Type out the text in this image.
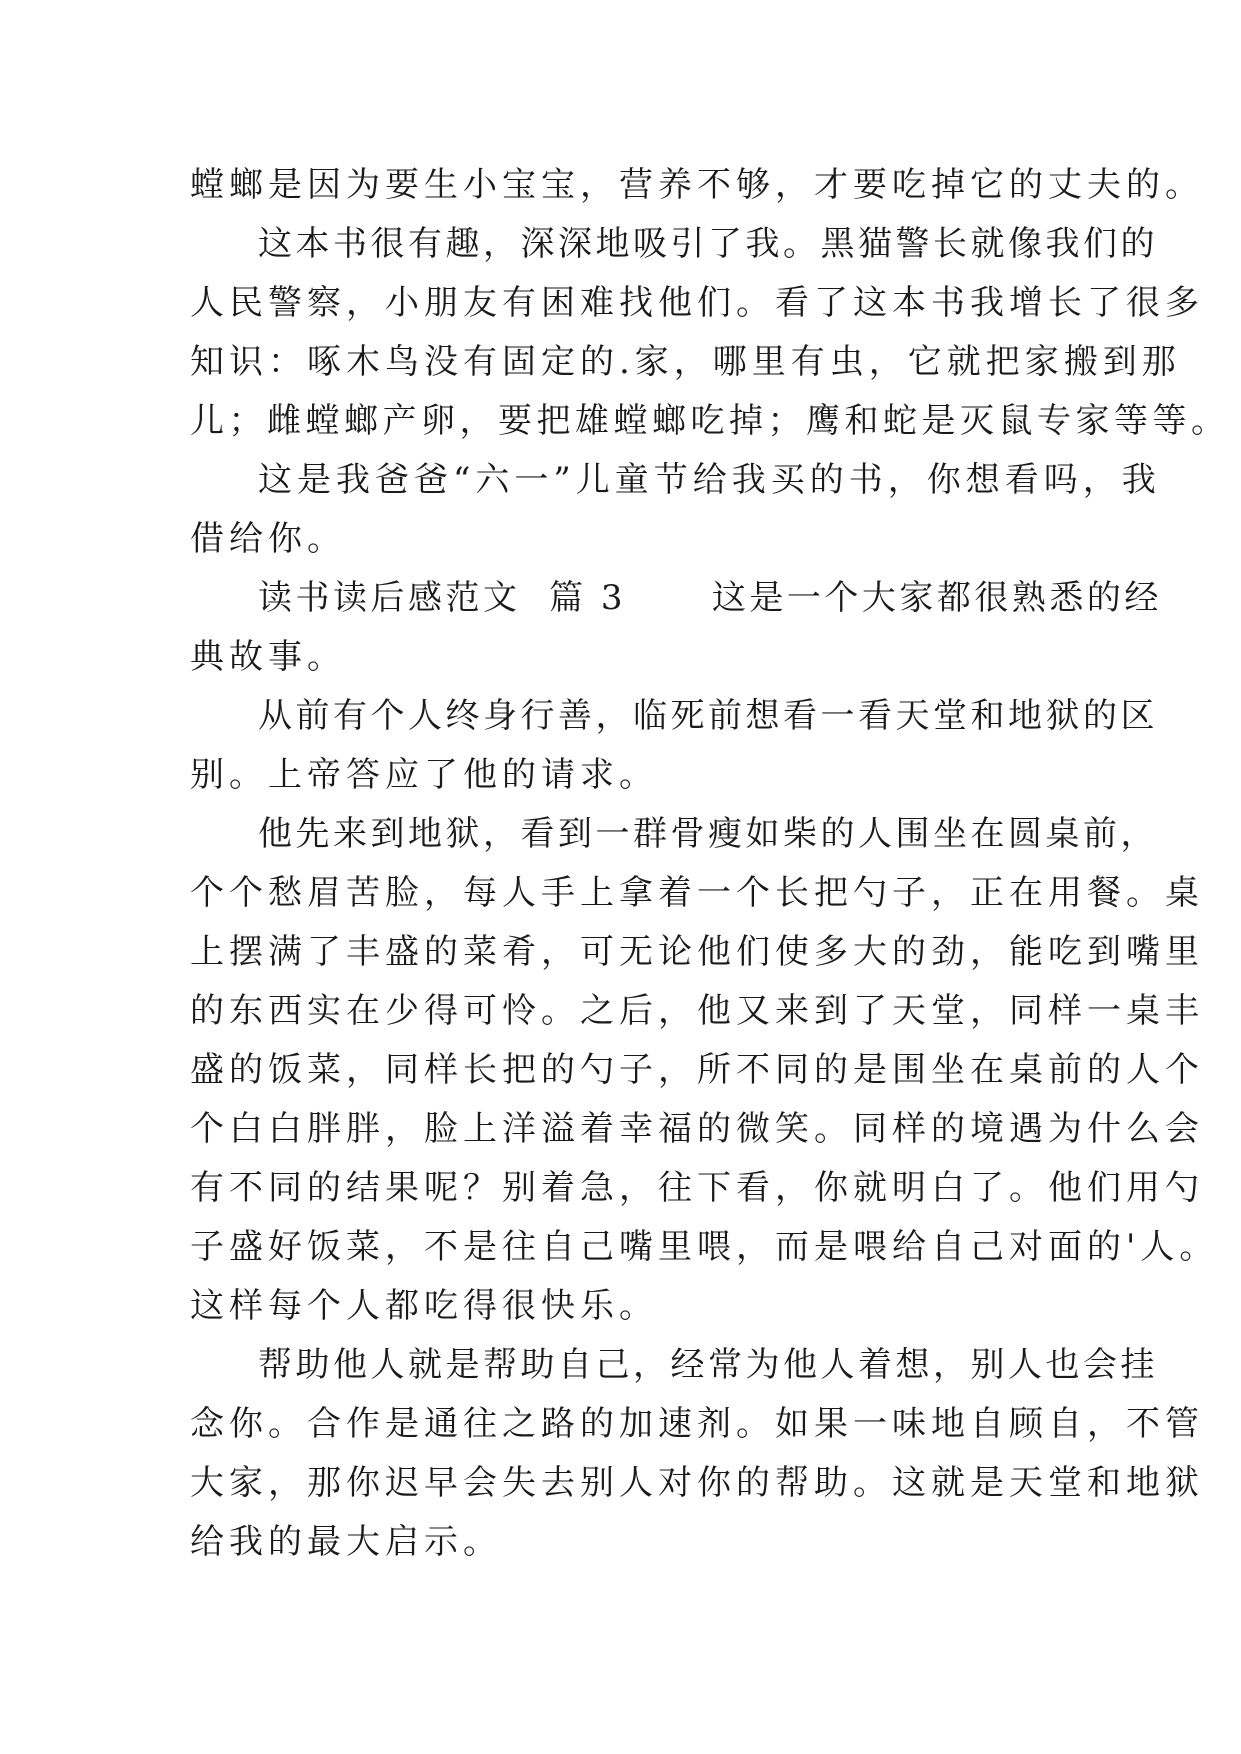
螳螂是因为要生小宝宝，营养不够，才要吃掉它的丈夫的。
这本书很有趣，深深地吸引了我。黑猫警长就像我们的
人民警察，小朋友有困难找他们。看了这本书我增长了很多
知识：啄木鸟没有固定的.家，哪里有虫，它就把家搬到那
儿；雌螳螂产卵，要把雄螳螂吃掉；鹰和蛇是灭鼠专家等等。
这是我爸爸“六一”儿童节给我买的书，你想看吗，我
借给你。
读书读后感范文  篇 3      这是一个大家都很熟悉的经
典故事。
从前有个人终身行善，临死前想看一看天堂和地狱的区
别。上帝答应了他的请求。
他先来到地狱，看到一群骨瘦如柴的人围坐在圆桌前，
个个愁眉苦脸，每人手上拿着一个长把勺子，正在用餐。桌
上摆满了丰盛的菜肴，可无论他们使多大的劲，能吃到嘴里
的东西实在少得可怜。之后，他又来到了天堂，同样一桌丰
盛的饭菜，同样长把的勺子，所不同的是围坐在桌前的人个
个白白胖胖，脸上洋溢着幸福的微笑。同样的境遇为什么会
有不同的结果呢？别着急，往下看，你就明白了。他们用勺
子盛好饭菜，不是往自己嘴里喂，而是喂给自己对面的'人。
这样每个人都吃得很快乐。
帮助他人就是帮助自己，经常为他人着想，别人也会挂
念你。合作是通往之路的加速剂。如果一味地自顾自，不管
大家，那你迟早会失去别人对你的帮助。这就是天堂和地狱
给我的最大启示。
